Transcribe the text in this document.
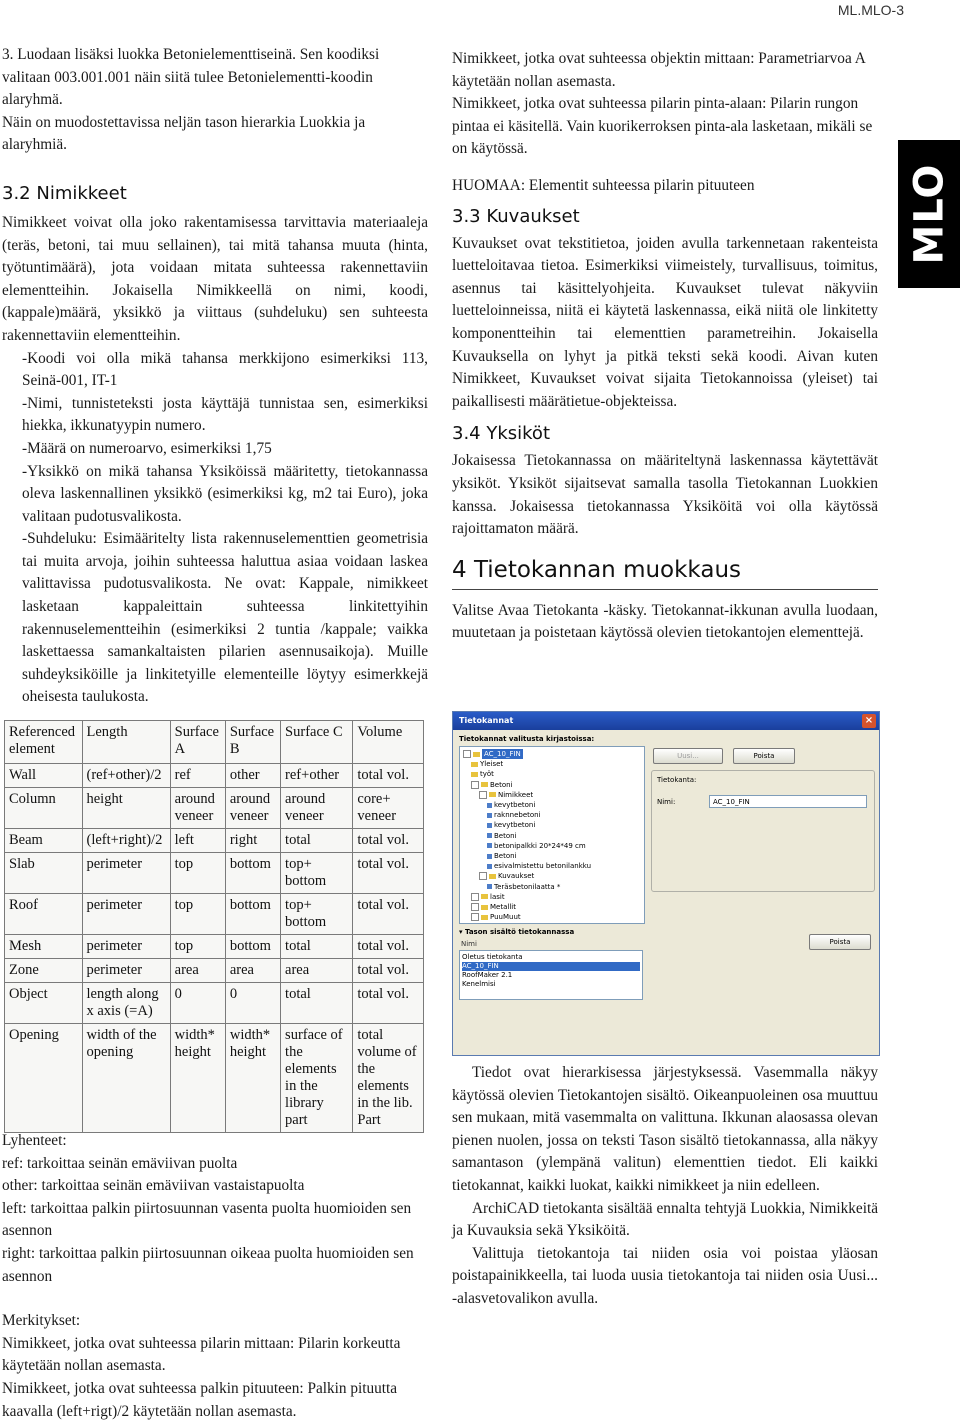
ML.MLO-3
MLO

3. Luodaan lisäksi luokka Betonielementtiseinä. Sen koodiksi valitaan 003.001.001 näin siitä tulee Betonielementti-koodin alaryhmä.

Näin on muodostettavissa neljän tason hierarkia Luokkia ja alaryhmiä.

3.2 Nimikkeet

Nimikkeet voivat olla joko rakentamisessa tarvittavia materiaaleja (teräs, betoni, tai muu sellainen), tai mitä tahansa muuta (hinta, työtuntimäärä), jota voidaan mitata suhteessa rakennettaviin elementteihin. Jokaisella Nimikkeellä on nimi, koodi, (kappale)määrä, yksikkö ja viittaus (suhdeluku) sen suhteesta rakennettaviin elementteihin.

-Koodi voi olla mikä tahansa merkkijono esimerkiksi 113, Seinä-001, IT-1

-Nimi, tunnisteteksti josta käyttäjä tunnistaa sen, esimerkiksi hiekka, ikkunatyypin numero.

-Määrä on numeroarvo, esimerkiksi 1,75

-Yksikkö on mikä tahansa Yksiköissä määritetty, tietokannassa oleva laskennallinen yksikkö (esimerkiksi kg, m2 tai Euro), joka valitaan pudotusvalikosta.

-Suhdeluku: Esimääritelty lista rakennuselementtien geometrisia tai muita arvoja, joihin suhteessa haluttua asiaa voidaan laskea valittavissa pudotusvalikosta. Ne ovat: Kappale, nimikkeet lasketaan kappaleittain suhteessa linkitettyihin rakennuselementteihin (esimerkiksi 2 tuntia /kappale; vaikka laskettaessa samankaltaisten pilarien asennusaikoja). Muille suhdeyksiköille ja linkitetyille elementeille löytyy esimerkkejä oheisesta taulukosta.

Referenced element	Length	Surface A	Surface B	Surface C	Volume
Wall	(ref+other)/2	ref	other	ref+other	total vol.
Column	height	around veneer	around veneer	around veneer	core+ veneer
Beam	(left+right)/2	left	right	total	total vol.
Slab	perimeter	top	bottom	top+ bottom	total vol.
Roof	perimeter	top	bottom	top+ bottom	total vol.
Mesh	perimeter	top	bottom	total	total vol.
Zone	perimeter	area	area	area	total vol.
Object	length along x axis (=A)	0	0	total	total vol.
Opening	width of the opening	width* height	width* height	surface of the elements in the library part	total volume of the elements in the lib. Part

Lyhenteet:

ref: tarkoittaa seinän emäviivan puolta

other: tarkoittaa seinän emäviivan vastaistapuolta

left: tarkoittaa palkin piirtosuunnan vasenta puolta huomioiden sen asennon

right: tarkoittaa palkin piirtosuunnan oikeaa puolta huomioiden sen asennon

Merkitykset:

Nimikkeet, jotka ovat suhteessa pilarin mittaan: Pilarin korkeutta käytetään nollan asemasta.

Nimikkeet, jotka ovat suhteessa palkin pituuteen: Palkin pituutta kaavalla (left+rigt)/2 käytetään nollan asemasta.

Nimikkeet, jotka ovat suhteessa objektin mittaan: Parametriarvoa A käytetään nollan asemasta.

Nimikkeet, jotka ovat suhteessa pilarin pinta-alaan: Pilarin rungon pintaa ei käsitellä. Vain kuorikerroksen pinta-ala lasketaan, mikäli se on käytössä.

HUOMAA: Elementit suhteessa pilarin pituuteen

3.3 Kuvaukset

Kuvaukset ovat tekstitietoa, joiden avulla tarkennetaan rakenteista luetteloitavaa tietoa. Esimerkiksi viimeistely, turvallisuus, toimitus, asennus tai käsittelyohjeita. Kuvaukset tulevat näkyviin luetteloinneissa, niitä ei käytetä laskennassa, eikä niitä ole linkitetty komponentteihin tai elementtien parametreihin. Jokaisella Kuvauksella on lyhyt ja pitkä teksti sekä koodi. Aivan kuten Nimikkeet, Kuvaukset voivat sijaita Tietokannoissa (yleiset) tai paikallisesti määrätietue-objekteissa.

3.4 Yksiköt

Jokaisessa Tietokannassa on määriteltynä laskennassa käytettävät yksiköt. Yksiköt sijaitsevat samalla tasolla Tietokannan Luokkien kanssa. Jokaisessa tietokannassa Yksiköitä voi olla käytössä rajoittamaton määrä.

4 Tietokannan muokkaus

Valitse Avaa Tietokanta -käsky. Tietokannat-ikkunan avulla luodaan, muutetaan ja poistetaan käytössä olevien tietokantojen elementtejä.

Tietokannat	×
Tietokannat valitusta kirjastoissa:
AC_10_FIN
Yleiset
työt
Betoni
Nimikkeet
kevytbetoni
raknnebetoni
kevytbetoni
Betoni
betonipalkki 20*24*49 cm
Betoni
esivalmistettu betonilankku
Kuvaukset
Teräsbetonilaatta *
lasit
Metallit
PuuMuut
Uusi...	Poista
Tietokanta:
Nimi:	AC_10_FIN
▾ Tason sisältö tietokannassa
Poista
Nimi
Oletus tietokanta
AC_10_FIN
RoofMaker 2.1
Kenelmisi

Tiedot ovat hierarkisessa järjestyksessä. Vasemmalla näkyy käytössä olevien Tietokantojen sisältö. Oikeanpuoleinen osa muuttuu sen mukaan, mitä vasemmalta on valittuna. Ikkunan alaosassa olevan pienen nuolen, jossa on teksti Tason sisältö tietokannassa, alla näkyy samantason (ylempänä valitun) elementtien tiedot. Eli kaikki tietokannat, kaikki luokat, kaikki nimikkeet ja niin edelleen.

ArchiCAD tietokanta sisältää ennalta tehtyjä Luokkia, Nimikkeitä ja Kuvauksia sekä Yksiköitä.

Valittuja tietokantoja tai niiden osia voi poistaa yläosan poistapainikkeella, tai luoda uusia tietokantoja tai niiden osia Uusi... -alasvetovalikon avulla.
